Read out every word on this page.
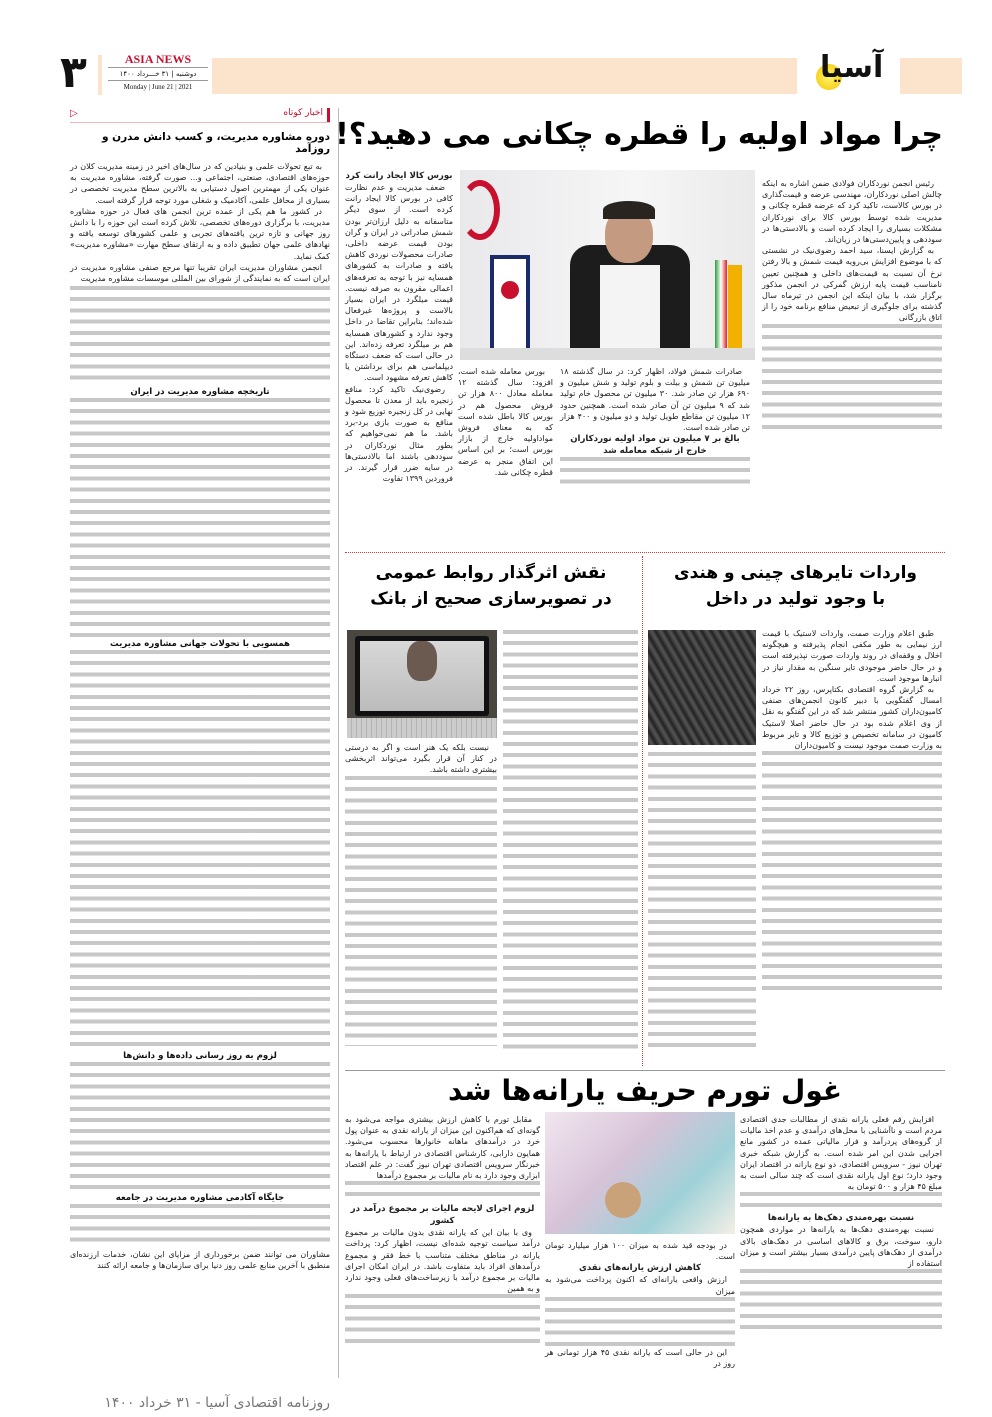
۳	ASIA NEWS
دوشنبه | ۳۱ خـــرداد ۱۴۰۰
Monday | June 21 | 2021
آسیا
اخبار کوتاه
▷
دوره مشاوره مدیریت، و کسب دانش مدرن و روزآمد

به تبع تحولات علمی و بنیادین که در سال‌های اخیر در زمینه مدیریت کلان در حوزه‌های اقتصادی، صنعتی، اجتماعی و... صورت گرفته، مشاوره مدیریت به عنوان یکی از مهمترین اصول دستیابی به بالاترین سطح مدیریت تخصصی در بسیاری از محافل علمی، آکادمیک و شغلی مورد توجه قرار گرفته است.

در کشور ما هم یکی از عمده ترین انجمن های فعال در حوزه مشاوره مدیریت، با برگزاری دوره‌های تخصصی، تلاش کرده است این حوزه را با دانش روز جهانی و تازه ترین یافته‌های تجربی و علمی کشورهای توسعه یافته و نهادهای علمی جهان تطبیق داده و به ارتقای سطح مهارت «مشاوره مدیریت» کمک نماید.

انجمن مشاوران مدیریت ایران تقریبا تنها مرجع صنفی مشاوره مدیریت در ایران است که به نمایندگی از شورای بین المللی موسسات مشاوره مدیریت

تاریخچه مشاوره مدیریت در ایران
همسویی با تحولات جهانی مشاوره مدیریت
لزوم به روز رسانی داده‌ها و دانش‌ها
جایگاه آکادمی مشاوره مدیریت در جامعه
مشاوران می توانند ضمن برخورداری از مزایای این نشان، خدمات ارزنده‌ای منطبق با آخرین منابع علمی روز دنیا برای سازمان‌ها و جامعه ارائه کنند
چرا مواد اولیه را قطره چکانی می دهید؟!

رئیس انجمن نوردکاران فولادی ضمن اشاره به اینکه چالش اصلی نوردکاران، مهندسی عرضه و قیمت‌گذاری در بورس کالاست، تاکید کرد که عرضه قطره چکانی و مدیریت شده توسط بورس کالا برای نوردکاران مشکلات بسیاری را ایجاد کرده است و بالادستی‌ها در سوددهی و پایین‌دستی‌ها در زیان‌اند.

به گزارش ایسنا، سید احمد رضوی‌نیک در نشستی که با موضوع افزایش بی‌رویه قیمت شمش و بالا رفتن نرخ آن نسبت به قیمت‌های داخلی و همچنین تعیین نامناسب قیمت پایه ارزش گمرکی در انجمن مذکور برگزار شد، با بیان اینکه این انجمن در تیرماه سال گذشته برای جلوگیری از تبعیض منافع برنامه خود را از اتاق بازرگانی

صادرات شمش فولاد، اظهار کرد: در سال گذشته ۱۸ میلیون تن شمش و بیلت و بلوم تولید و شش میلیون و ۶۹۰ هزار تن صادر شد. ۳۰ میلیون تن محصول خام تولید شد که ۹ میلیون تن آن صادر شده است. همچنین حدود ۱۲ میلیون تن مقاطع طویل تولید و دو میلیون و ۴۰۰ هزار تن صادر شده است.

بالغ بر ۷ میلیون تن مواد اولیه نوردکاران خارج از شبکه معامله شد

بورس معامله شده است، افزود: سال گذشته ۱۲ معامله معادل ۸۰۰ هزار تن فروش محصول هم در بورس کالا باطل شده است که به معنای فروش مواداولیه خارج از بازار بورس است؛ بر این اساس این اتفاق منجر به عرضه قطره چکانی شد.

بورس کالا ایجاد رانت کرد

ضعف مدیریت و عدم نظارت کافی در بورس کالا ایجاد رانت کرده است. از سوی دیگر متاسفانه به دلیل ارزان‌تر بودن شمش صادراتی در ایران و گران بودن قیمت عرضه داخلی، صادرات محصولات نوردی کاهش یافته و صادرات به کشورهای همسایه نیز با توجه به تعرفه‌های اعمالی مقرون به صرفه نیست. قیمت میلگرد در ایران بسیار بالاست و پروژه‌ها غیرفعال شده‌اند؛ بنابراین تقاضا در داخل وجود ندارد و کشورهای همسایه هم بر میلگرد تعرفه زده‌اند. این در حالی است که ضعف دستگاه دیپلماسی هم برای برداشتن یا کاهش تعرفه مشهود است.

رضوی‌نیک تاکید کرد: منافع زنجیره باید از معدن تا محصول نهایی در کل زنجیره توزیع شود و منافع به صورت بازی برد-برد باشد. ما هم نمی‌خواهیم که بطور مثال نوردکاران در سوددهی باشند اما بالادستی‌ها در سایه ضرر قرار گیرند. در فروردین ۱۳۹۹ تفاوت

واردات تایرهای چینی و هندی
با وجود تولید در داخل

طبق اعلام وزارت صمت، واردات لاستیک با قیمت ارز نیمایی به طور مکفی انجام پذیرفته و هیچگونه اخلال و وقفه‌ای در روند واردات صورت نپذیرفته است و در حال حاضر موجودی تایر سنگین به مقدار نیاز در انبارها موجود است.

به گزارش گروه اقتصادی بکتاپرس، روز ۲۲ خرداد امسال گفتگویی با دبیر کانون انجمن‌های صنفی کامیون‌داران کشور منتشر شد که در این گفتگو به نقل از وی اعلام شده بود در حال حاضر اصلا لاستیک کامیون در سامانه تخصیص و توزیع کالا و تایر مربوط به وزارت صمت موجود نیست و کامیون‌داران

نقش اثرگذار روابط عمومی
در تصویرسازی صحیح از بانک

نیست بلکه یک هنر است و اگر به درستی در کنار آن قرار بگیرد می‌تواند اثربخشی بیشتری داشته باشد.

غول تورم حریف یارانه‌ها شد

افزایش رقم فعلی یارانه نقدی از مطالبات جدی اقتصادی مردم است و ناآشنایی با محل‌های درآمدی و عدم اخذ مالیات از گروه‌های پردرآمد و فرار مالیاتی عمده در کشور مانع اجرایی شدن این امر شده است. به گزارش شبکه خبری تهران نیوز - سرویس اقتصادی، دو نوع یارانه در اقتصاد ایران وجود دارد؛ نوع اول یارانه نقدی است که چند سالی است به مبلغ ۴۵ هزار و ۵۰۰ تومان به

نسبت بهره‌مندی دهک‌ها به یارانه‌ها

نسبت بهره‌مندی دهک‌ها به یارانه‌ها در مواردی همچون دارو، سوخت، برق و کالاهای اساسی در دهک‌های بالای درآمدی از دهک‌های پایین درآمدی بسیار بیشتر است و میزان استفاده از

در بودجه قید شده به میزان ۱۰۰ هزار میلیارد تومان است.

کاهش ارزش یارانه‌های نقدی

ارزش واقعی یارانه‌ای که اکنون پرداخت می‌شود به میزان

این در حالی است که یارانه نقدی ۴۵ هزار تومانی هر روز در

مقابل تورم با کاهش ارزش بیشتری مواجه می‌شود به گونه‌ای که هم‌اکنون این میزان از یارانه نقدی به عنوان پول خرد در درآمدهای ماهانه خانوارها محسوب می‌شود. همایون دارابی، کارشناس اقتصادی در ارتباط با یارانه‌ها به خبرنگار سرویس اقتصادی تهران نیوز گفت: در علم اقتصاد ابزاری وجود دارد به نام مالیات بر مجموع درآمدها

لزوم اجرای لایحه مالیات بر مجموع درآمد در کشور

وی با بیان این که یارانه نقدی بدون مالیات بر مجموع درآمد سیاست توجیه شده‌ای نیست، اظهار کرد: پرداخت یارانه در مناطق مختلف متناسب با خط فقر و مجموع درآمدهای افراد باید متفاوت باشد. در ایران امکان اجرای مالیات بر مجموع درآمد با زیرساخت‌های فعلی وجود ندارد و به همین

روزنامه اقتصادی آسیا - ۳۱ خرداد ۱۴۰۰
